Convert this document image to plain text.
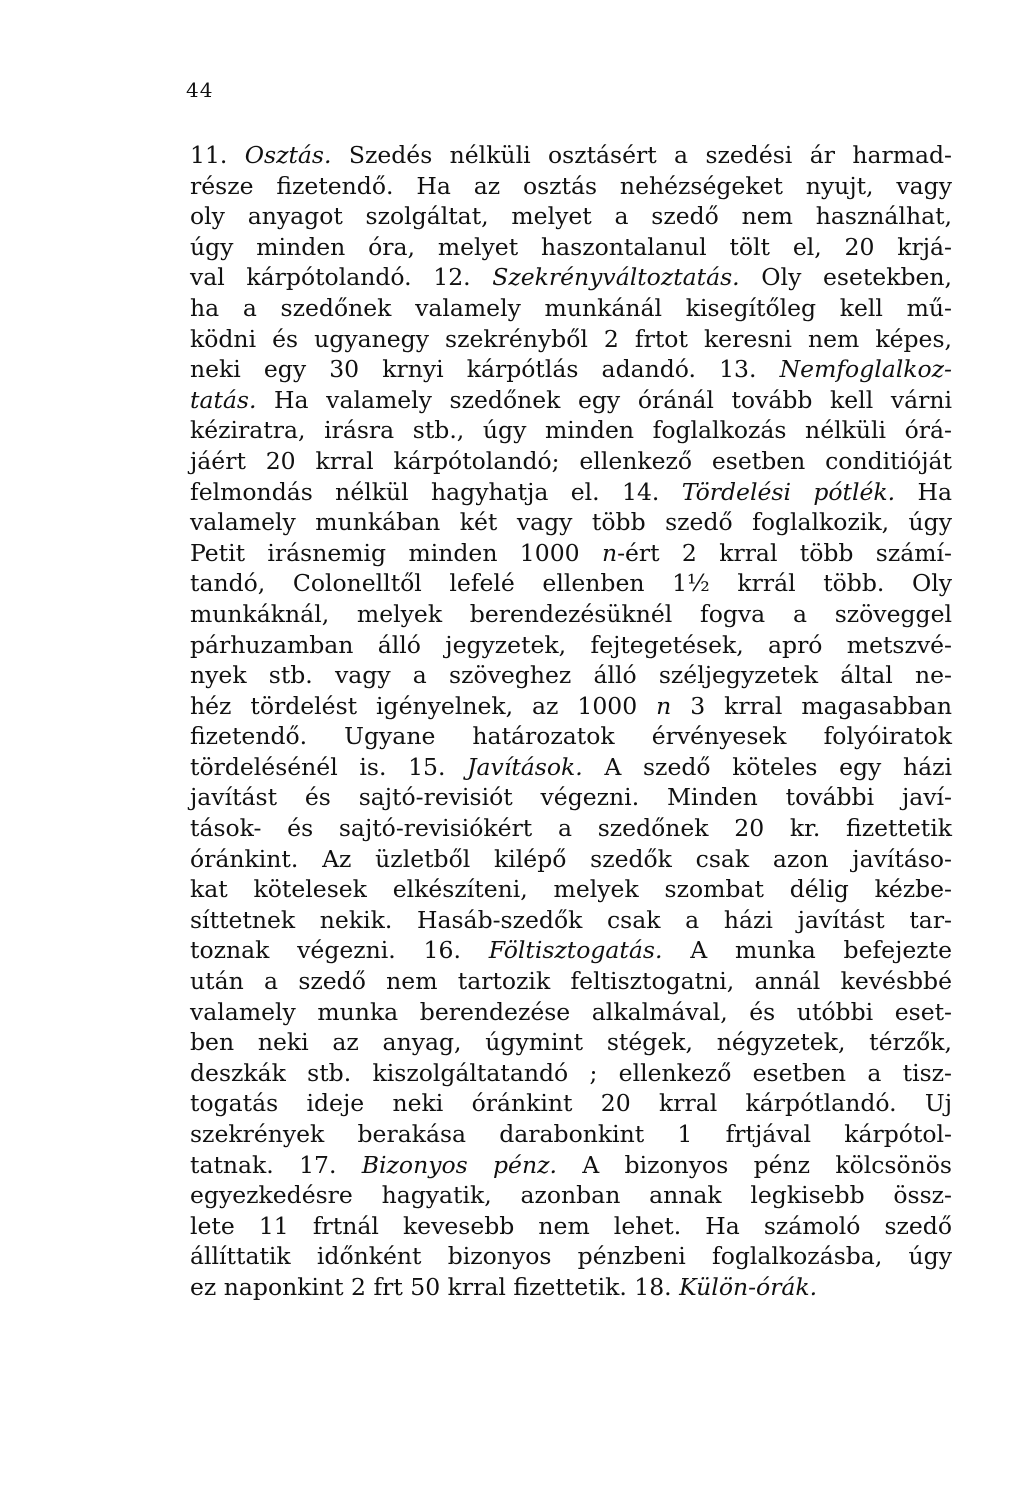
44
11. Osztás. Szedés nélküli osztásért a szedési ár harmad-
része fizetendő. Ha az osztás nehézségeket nyujt, vagy
oly anyagot szolgáltat, melyet a szedő nem használhat,
úgy minden óra, melyet haszontalanul tölt el, 20 krjá-
val kárpótolandó. 12. Szekrényváltoztatás. Oly esetekben,
ha a szedőnek valamely munkánál kisegítőleg kell mű-
ködni és ugyanegy szekrényből 2 frtot keresni nem képes,
neki egy 30 krnyi kárpótlás adandó. 13. Nemfoglalkoz-
tatás. Ha valamely szedőnek egy óránál tovább kell várni
kéziratra, irásra stb., úgy minden foglalkozás nélküli órá-
jáért 20 krral kárpótolandó; ellenkező esetben conditióját
felmondás nélkül hagyhatja el. 14. Tördelési pótlék. Ha
valamely munkában két vagy több szedő foglalkozik, úgy
Petit irásnemig minden 1000 n-ért 2 krral több számí-
tandó, Colonelltől lefelé ellenben 1½ krrál több. Oly
munkáknál, melyek berendezésüknél fogva a szöveggel
párhuzamban álló jegyzetek, fejtegetések, apró metszvé-
nyek stb. vagy a szöveghez álló széljegyzetek által ne-
héz tördelést igényelnek, az 1000 n 3 krral magasabban
fizetendő. Ugyane határozatok érvényesek folyóiratok
tördelésénél is. 15. Javítások. A szedő köteles egy házi
javítást és sajtó-revisiót végezni. Minden további javí-
tások- és sajtó-revisiókért a szedőnek 20 kr. fizettetik
óránkint. Az üzletből kilépő szedők csak azon javításo-
kat kötelesek elkészíteni, melyek szombat délig kézbe-
síttetnek nekik. Hasáb-szedők csak a házi javítást tar-
toznak végezni. 16. Föltisztogatás. A munka befejezte
után a szedő nem tartozik feltisztogatni, annál kevésbbé
valamely munka berendezése alkalmával, és utóbbi eset-
ben neki az anyag, úgymint stégek, négyzetek, térzők,
deszkák stb. kiszolgáltatandó ; ellenkező esetben a tisz-
togatás ideje neki óránkint 20 krral kárpótlandó. Uj
szekrények berakása darabonkint 1 frtjával kárpótol-
tatnak. 17. Bizonyos pénz. A bizonyos pénz kölcsönös
egyezkedésre hagyatik, azonban annak legkisebb össz-
lete 11 frtnál kevesebb nem lehet. Ha számoló szedő
állíttatik időnként bizonyos pénzbeni foglalkozásba, úgy
ez naponkint 2 frt 50 krral fizettetik. 18. Külön-órák.
